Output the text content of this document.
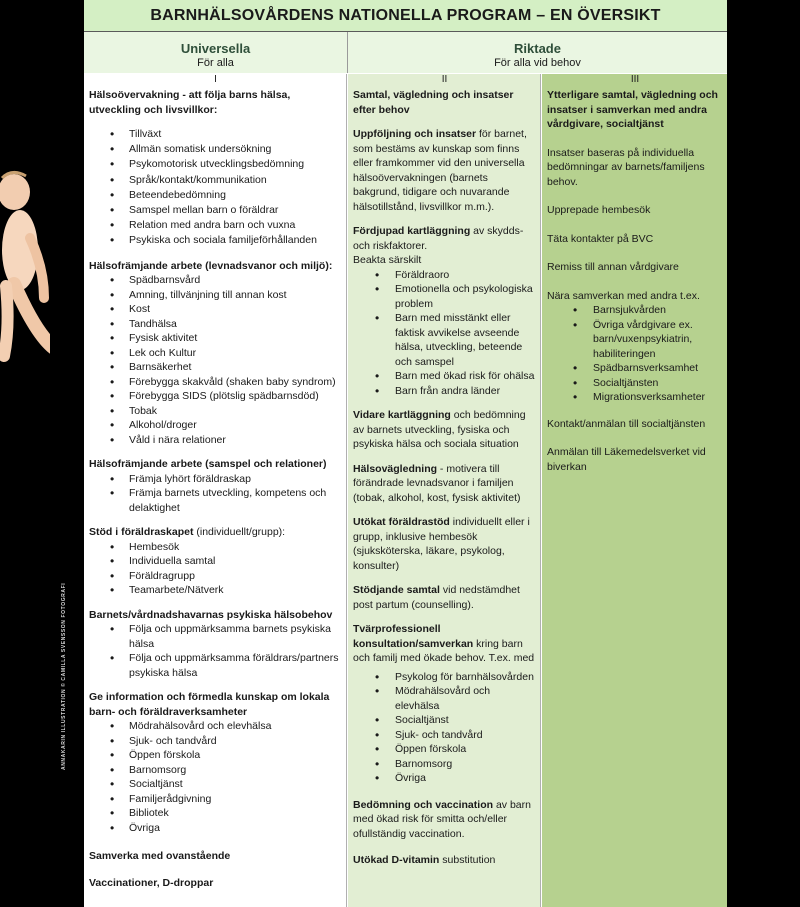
ANNAKARIN ILLUSTRATION © CAMILLA SVENSSON FOTOGRAFI
BARNHÄLSOVÅRDENS NATIONELLA PROGRAM – EN ÖVERSIKT
Universella
För alla
Riktade
För alla vid behov
I
Hälsoövervakning - att följa barns hälsa, utveckling och livsvillkor:
• Tillväxt
• Allmän somatisk undersökning
• Psykomotorisk utvecklingsbedömning
• Språk/kontakt/kommunikation
• Beteendebedömning
• Samspel mellan barn o föräldrar
• Relation med andra barn och vuxna
• Psykiska och sociala familjeförhållanden
Hälsofrämjande arbete (levnadsvanor och miljö):
• Spädbarnsvård
• Amning, tillvänjning till annan kost
• Kost
• Tandhälsa
• Fysisk aktivitet
• Lek och Kultur
• Barnsäkerhet
• Förebygga skakvåld (shaken baby syndrom)
• Förebygga SIDS (plötslig spädbarnsdöd)
• Tobak
• Alkohol/droger
• Våld i nära relationer
Hälsofrämjande arbete (samspel och relationer)
• Främja lyhört föräldraskap
• Främja barnets utveckling, kompetens och delaktighet
Stöd i föräldraskapet (individuellt/grupp):
• Hembesök
• Individuella samtal
• Föräldragrupp
• Teamarbete/Nätverk
Barnets/vårdnadshavarnas psykiska hälsobehov
• Följa och uppmärksamma barnets psykiska hälsa
• Följa och uppmärksamma föräldrars/partners psykiska hälsa
Ge information och förmedla kunskap om lokala barn- och föräldraverksamheter
• Mödrahälsovård och elevhälsa
• Sjuk- och tandvård
• Öppen förskola
• Barnomsorg
• Socialtjänst
• Familjerådgivning
• Bibliotek
• Övriga
Samverka med ovanstående
Vaccinationer, D-droppar
II
Samtal, vägledning och insatser efter behov
Uppföljning och insatser för barnet, som bestäms av kunskap som finns eller framkommer vid den universella hälsoövervakningen (barnets bakgrund, tidigare och nuvarande hälsotillstånd, livsvillkor m.m.).
Fördjupad kartläggning av skydds- och riskfaktorer.
Beakta särskilt
• Föräldraoro
• Emotionella och psykologiska problem
• Barn med misstänkt eller faktisk avvikelse avseende hälsa, utveckling, beteende och samspel
• Barn med ökad risk för ohälsa
• Barn från andra länder
Vidare kartläggning och bedömning av barnets utveckling, fysiska och psykiska hälsa och sociala situation
Hälsovägledning - motivera till förändrade levnadsvanor i familjen (tobak, alkohol, kost, fysisk aktivitet)
Utökat föräldrastöd individuellt eller i grupp, inklusive hembesök (sjuksköterska, läkare, psykolog, konsulter)
Stödjande samtal vid nedstämdhet post partum (counselling).
Tvärprofessionell konsultation/samverkan kring barn och familj med ökade behov. T.ex. med
• Psykolog för barnhälsovården
• Mödrahälsovård och elevhälsa
• Socialtjänst
• Sjuk- och tandvård
• Öppen förskola
• Barnomsorg
• Övriga
Bedömning och vaccination av barn med ökad risk för smitta och/eller ofullständig vaccination.
Utökad D-vitamin substitution
III
Ytterligare samtal, vägledning och insatser i samverkan med andra vårdgivare, socialtjänst
Insatser baseras på individuella bedömningar av barnets/familjens behov.
Upprepade hembesök
Täta kontakter på BVC
Remiss till annan vårdgivare
Nära samverkan med andra t.ex.
• Barnsjukvården
• Övriga vårdgivare ex. barn/vuxenpsykiatrin, habiliteringen
• Spädbarnsverksamhet
• Socialtjänsten
• Migrationsverksamheter
Kontakt/anmälan till socialtjänsten
Anmälan till Läkemedelsverket vid biverkan
